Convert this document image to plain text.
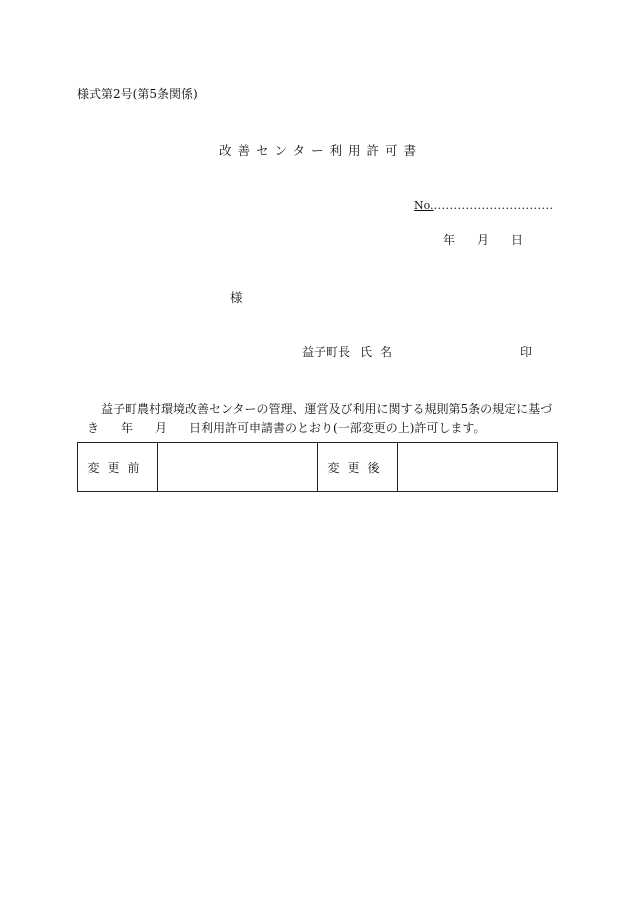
様式第2号(第5条関係)
改善センター利用許可書
No...............................
年 月 日
様
益子町長 氏名	印
益子町農村環境改善センターの管理、運営及び利用に関する規則第5条の規定に基づ
き 年 月 日利用許可申請書のとおり(一部変更の上)許可します。
変更前		変更後	
